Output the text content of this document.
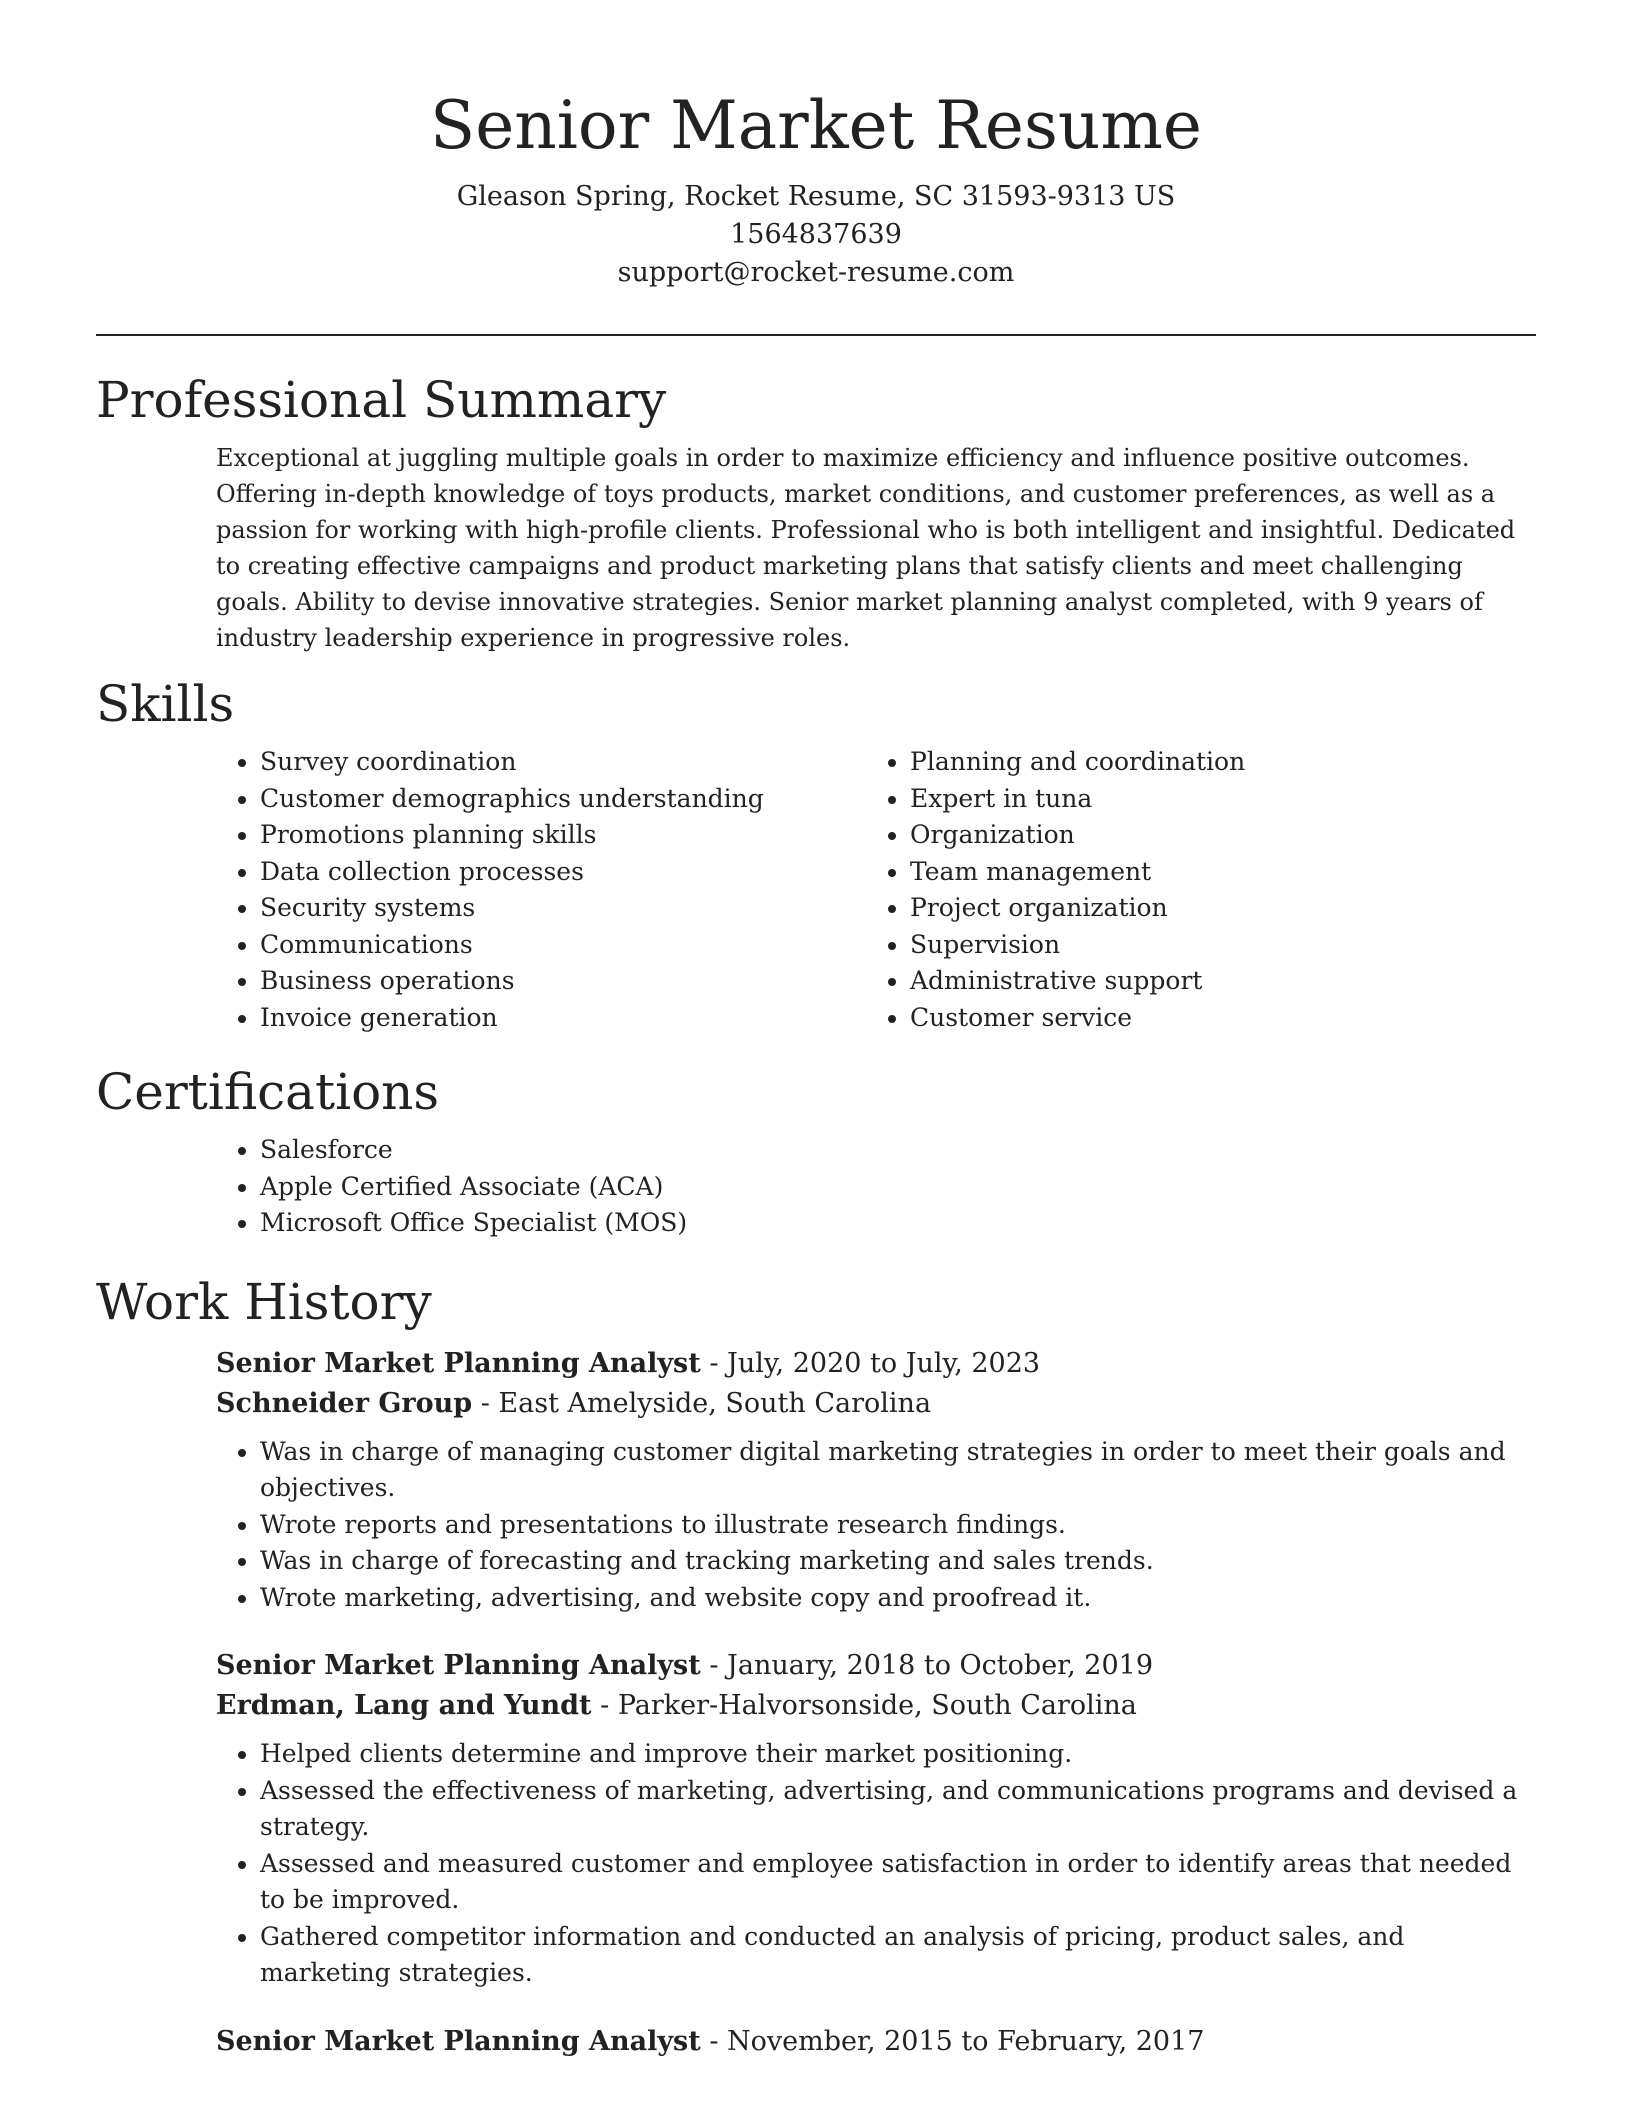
Senior Market Resume
Gleason Spring, Rocket Resume, SC 31593-9313 US
1564837639
support@rocket-resume.com
Professional Summary

Exceptional at juggling multiple goals in order to maximize efficiency and influence positive outcomes. Offering in-depth knowledge of toys products, market conditions, and customer preferences, as well as a passion for working with high-profile clients. Professional who is both intelligent and insightful. Dedicated to creating effective campaigns and product marketing plans that satisfy clients and meet challenging goals. Ability to devise innovative strategies. Senior market planning analyst completed, with 9 years of industry leadership experience in progressive roles.

Skills
• Survey coordination
• Customer demographics understanding
• Promotions planning skills
• Data collection processes
• Security systems
• Communications
• Business operations
• Invoice generation
• Planning and coordination
• Expert in tuna
• Organization
• Team management
• Project organization
• Supervision
• Administrative support
• Customer service
Certifications
• Salesforce
• Apple Certified Associate (ACA)
• Microsoft Office Specialist (MOS)
Work History
Senior Market Planning Analyst - July, 2020 to July, 2023
Schneider Group - East Amelyside, South Carolina
• Was in charge of managing customer digital marketing strategies in order to meet their goals and objectives.
• Wrote reports and presentations to illustrate research findings.
• Was in charge of forecasting and tracking marketing and sales trends.
• Wrote marketing, advertising, and website copy and proofread it.
Senior Market Planning Analyst - January, 2018 to October, 2019
Erdman, Lang and Yundt - Parker-Halvorsonside, South Carolina
• Helped clients determine and improve their market positioning.
• Assessed the effectiveness of marketing, advertising, and communications programs and devised a strategy.
• Assessed and measured customer and employee satisfaction in order to identify areas that needed to be improved.
• Gathered competitor information and conducted an analysis of pricing, product sales, and marketing strategies.
Senior Market Planning Analyst - November, 2015 to February, 2017
